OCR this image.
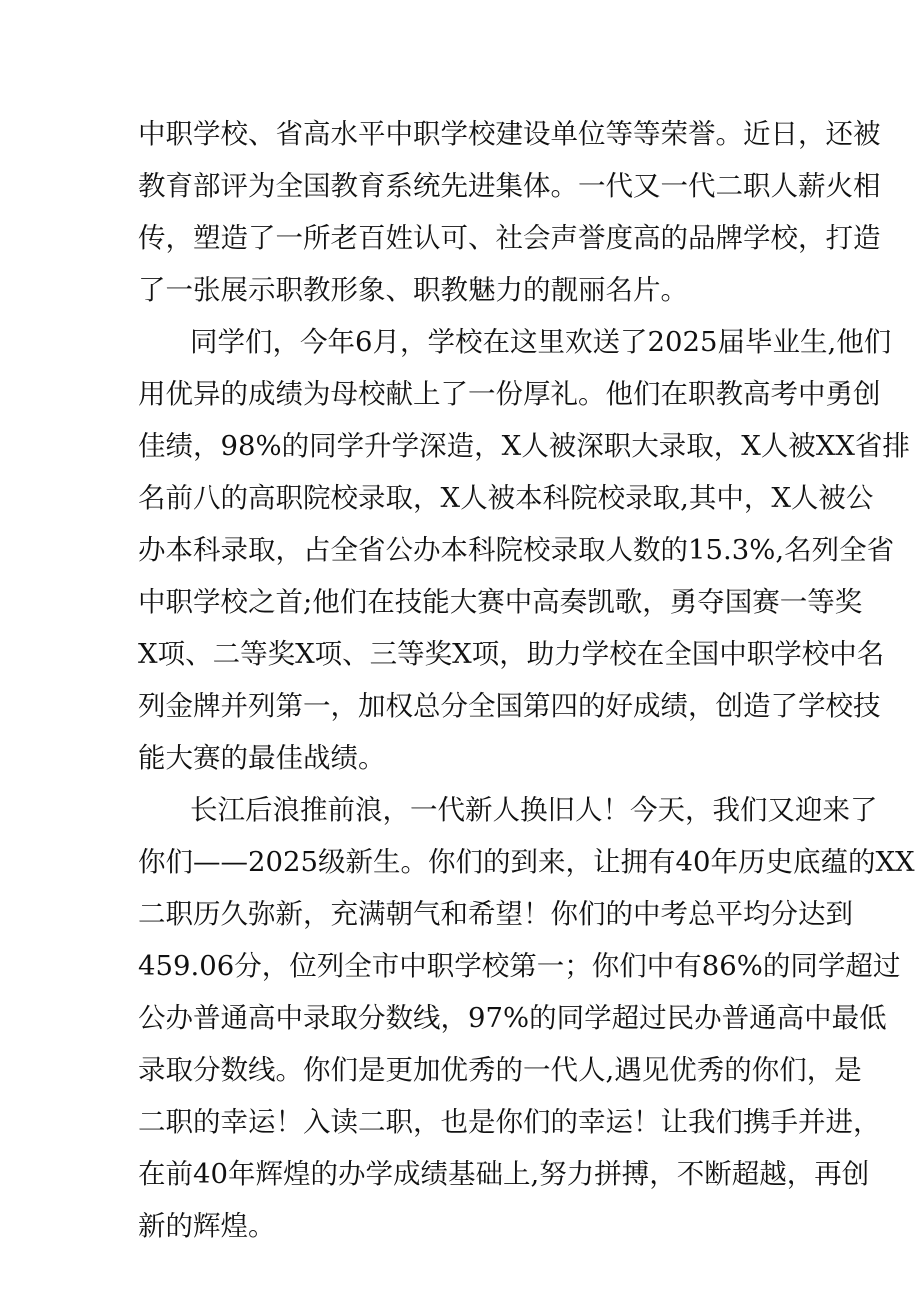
中职学校、省高水平中职学校建设单位等等荣誉。近日，还被
教育部评为全国教育系统先进集体。一代又一代二职人薪火相
传，塑造了一所老百姓认可、社会声誉度高的品牌学校，打造
了一张展示职教形象、职教魅力的靓丽名片。
同学们，今年6月，学校在这里欢送了2025届毕业生,他们
用优异的成绩为母校献上了一份厚礼。他们在职教高考中勇创
佳绩，98%的同学升学深造，X人被深职大录取，X人被XX省排
名前八的高职院校录取，X人被本科院校录取,其中，X人被公
办本科录取，占全省公办本科院校录取人数的15.3%,名列全省
中职学校之首;他们在技能大赛中高奏凯歌，勇夺国赛一等奖
X项、二等奖X项、三等奖X项，助力学校在全国中职学校中名
列金牌并列第一，加权总分全国第四的好成绩，创造了学校技
能大赛的最佳战绩。
长江后浪推前浪，一代新人换旧人！今天，我们又迎来了
你们——2025级新生。你们的到来，让拥有40年历史底蕴的XX
二职历久弥新，充满朝气和希望！你们的中考总平均分达到
459.06分，位列全市中职学校第一；你们中有86%的同学超过
公办普通高中录取分数线，97%的同学超过民办普通高中最低
录取分数线。你们是更加优秀的一代人,遇见优秀的你们，是
二职的幸运！入读二职，也是你们的幸运！让我们携手并进，
在前40年辉煌的办学成绩基础上,努力拼搏，不断超越，再创
新的辉煌。
